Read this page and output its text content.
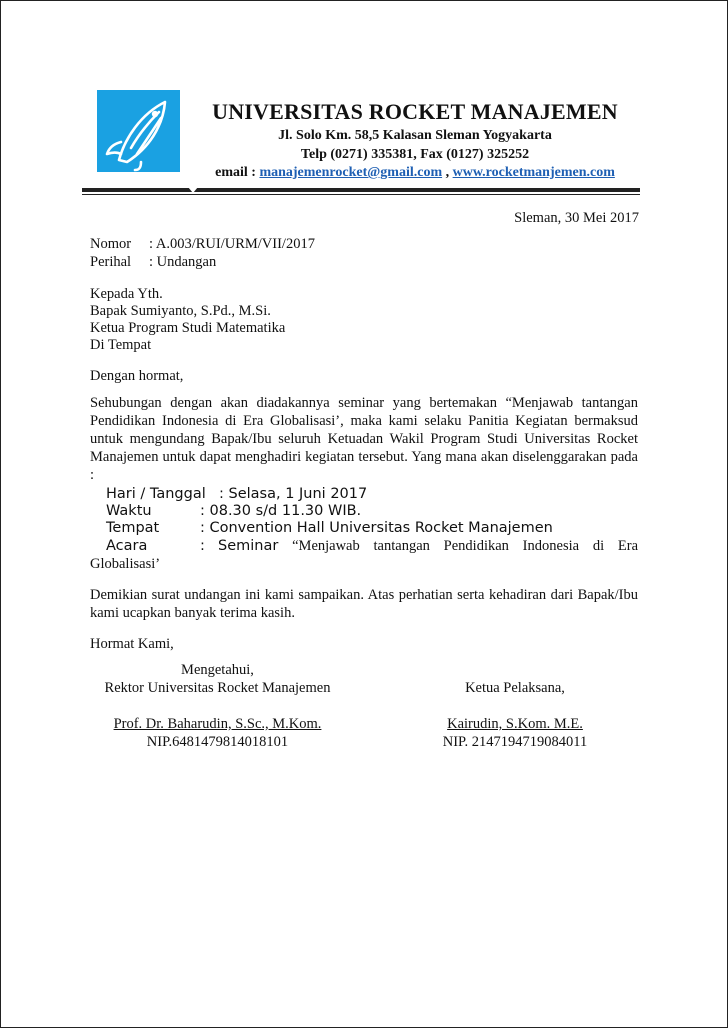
UNIVERSITAS ROCKET MANAJEMEN
Jl. Solo Km. 58,5 Kalasan Sleman Yogyakarta
Telp (0271) 335381, Fax (0127) 325252
email : manajemenrocket@gmail.com , www.rocketmanjemen.com
Sleman, 30 Mei 2017
Nomor : A.003/RUI/URM/VII/2017
Perihal : Undangan
Kepada Yth.
Bapak Sumiyanto, S.Pd., M.Si.
Ketua Program Studi Matematika
Di Tempat
Dengan hormat,
Sehubungan dengan akan diadakannya seminar yang bertemakan “Menjawab tantangan Pendidikan Indonesia di Era Globalisasi’, maka kami selaku Panitia Kegiatan bermaksud untuk mengundang Bapak/Ibu seluruh Ketuadan Wakil Program Studi Universitas Rocket Manajemen untuk dapat menghadiri kegiatan tersebut. Yang mana akan diselenggarakan pada :
Hari / Tanggal : Selasa, 1 Juni 2017
Waktu	: 08.30 s/d 11.30 WIB.
Tempat	: Convention Hall Universitas Rocket Manajemen
Acara	: Seminar “Menjawab tantangan Pendidikan Indonesia di Era Globalisasi’
Demikian surat undangan ini kami sampaikan. Atas perhatian serta kehadiran dari Bapak/Ibu kami ucapkan banyak terima kasih.
Hormat Kami,
Mengetahui,
Rektor Universitas Rocket Manajemen
Prof. Dr. Baharudin, S.Sc., M.Kom.
NIP.6481479814018101
Ketua Pelaksana,
Kairudin, S.Kom. M.E.
NIP. 2147194719084011
